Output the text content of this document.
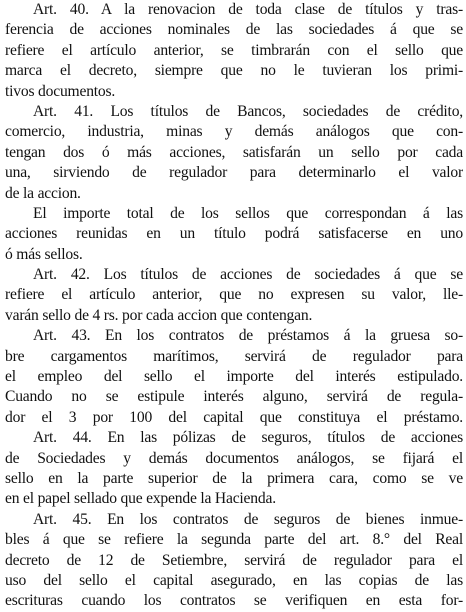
Art. 40. A la renovacion de toda clase de títulos y tras-
ferencia de acciones nominales de las sociedades á que se
refiere el artículo anterior, se timbrarán con el sello que
marca el decreto, siempre que no le tuvieran los primi-
tivos documentos.
Art. 41. Los títulos de Bancos, sociedades de crédito,
comercio, industria, minas y demás análogos que con-
tengan dos ó más acciones, satisfarán un sello por cada
una, sirviendo de regulador para determinarlo el valor
de la accion.
El importe total de los sellos que correspondan á las
acciones reunidas en un título podrá satisfacerse en uno
ó más sellos.
Art. 42. Los títulos de acciones de sociedades á que se
refiere el artículo anterior, que no expresen su valor, lle-
varán sello de 4 rs. por cada accion que contengan.
Art. 43. En los contratos de préstamos á la gruesa so-
bre cargamentos marítimos, servirá de regulador para
el empleo del sello el importe del interés estipulado.
Cuando no se estipule interés alguno, servirá de regula-
dor el 3 por 100 del capital que constituya el préstamo.
Art. 44. En las pólizas de seguros, títulos de acciones
de Sociedades y demás documentos análogos, se fijará el
sello en la parte superior de la primera cara, como se ve
en el papel sellado que expende la Hacienda.
Art. 45. En los contratos de seguros de bienes inmue-
bles á que se refiere la segunda parte del art. 8.° del Real
decreto de 12 de Setiembre, servirá de regulador para el
uso del sello el capital asegurado, en las copias de las
escrituras cuando los contratos se verifiquen en esta for-
